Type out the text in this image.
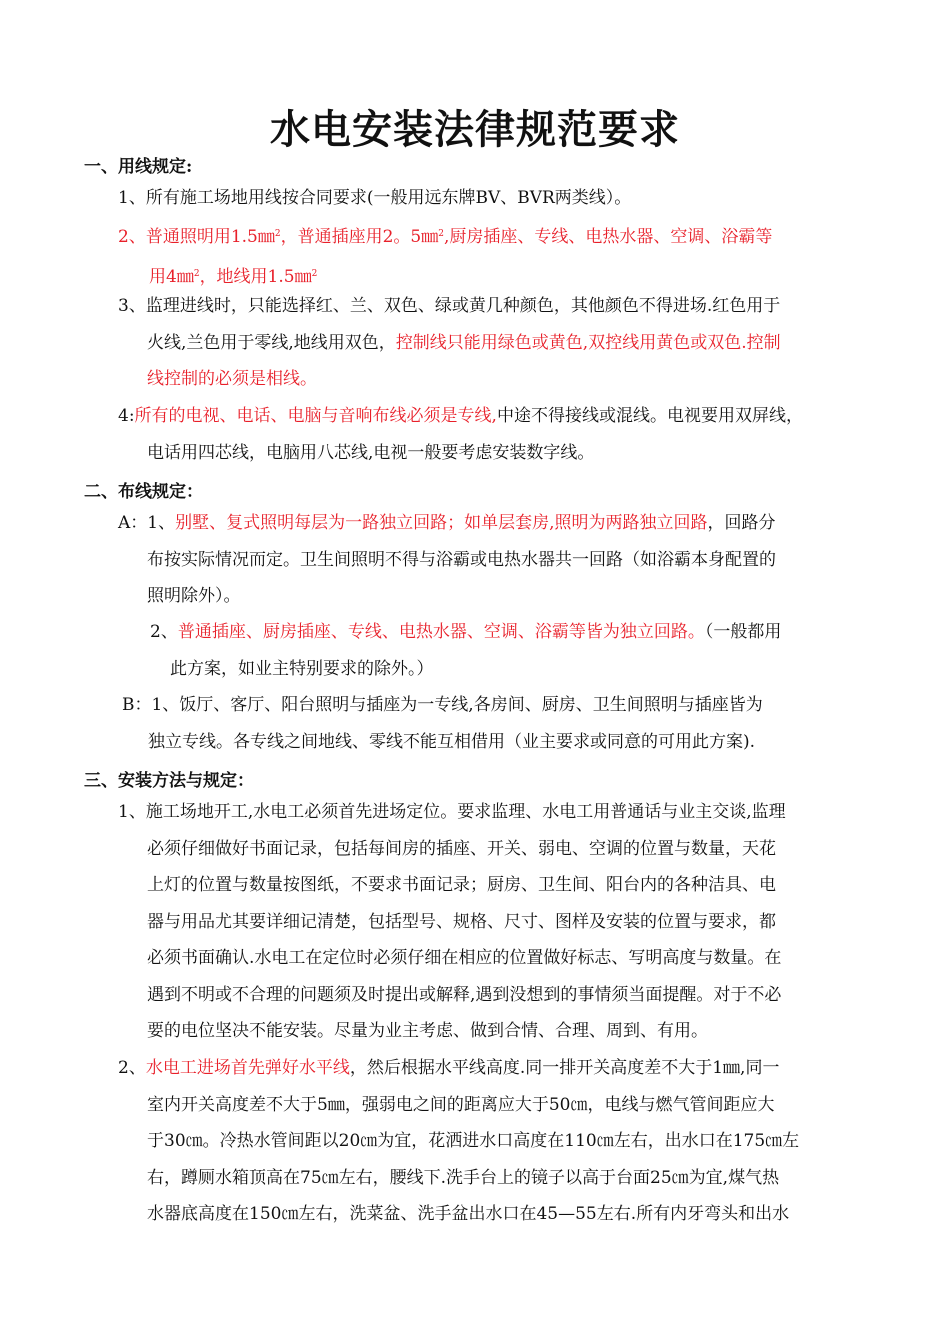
水电安装法律规范要求
一、用线规定:
1、所有施工场地用线按合同要求(一般用远东牌BV、BVR两类线）。
2、普通照明用1.5㎜$^2$，普通插座用2。5㎜$^2$,厨房插座、专线、电热水器、空调、浴霸等
用4㎜$^2$，地线用1.5㎜$^2$
3、监理进线时，只能选择红、兰、双色、绿或黄几种颜色，其他颜色不得进场.红色用于
火线,兰色用于零线,地线用双色，控制线只能用绿色或黄色,双控线用黄色或双色.控制
线控制的必须是相线。
4:所有的电视、电话、电脑与音响布线必须是专线,中途不得接线或混线。电视要用双屏线，
电话用四芯线，电脑用八芯线,电视一般要考虑安装数字线。
二、布线规定：
A：1、别墅、复式照明每层为一路独立回路；如单层套房,照明为两路独立回路，回路分
布按实际情况而定。卫生间照明不得与浴霸或电热水器共一回路（如浴霸本身配置的
照明除外）。
2、普通插座、厨房插座、专线、电热水器、空调、浴霸等皆为独立回路。（一般都用
此方案，如业主特别要求的除外。）
B：1、饭厅、客厅、阳台照明与插座为一专线,各房间、厨房、卫生间照明与插座皆为
独立专线。各专线之间地线、零线不能互相借用（业主要求或同意的可用此方案).
三、安装方法与规定：
1、施工场地开工,水电工必须首先进场定位。要求监理、水电工用普通话与业主交谈,监理
必须仔细做好书面记录，包括每间房的插座、开关、弱电、空调的位置与数量，天花
上灯的位置与数量按图纸，不要求书面记录；厨房、卫生间、阳台内的各种洁具、电
器与用品尤其要详细记清楚，包括型号、规格、尺寸、图样及安装的位置与要求，都
必须书面确认.水电工在定位时必须仔细在相应的位置做好标志、写明高度与数量。在
遇到不明或不合理的问题须及时提出或解释,遇到没想到的事情须当面提醒。对于不必
要的电位坚决不能安装。尽量为业主考虑、做到合情、合理、周到、有用。
2、水电工进场首先弹好水平线，然后根据水平线高度.同一排开关高度差不大于1㎜,同一
室内开关高度差不大于5㎜，强弱电之间的距离应大于50㎝，电线与燃气管间距应大
于30㎝。冷热水管间距以20㎝为宜，花洒进水口高度在110㎝左右，出水口在175㎝左
右，蹲厕水箱顶高在75㎝左右，腰线下.洗手台上的镜子以高于台面25㎝为宜,煤气热
水器底高度在150㎝左右，洗菜盆、洗手盆出水口在45—55左右.所有内牙弯头和出水
